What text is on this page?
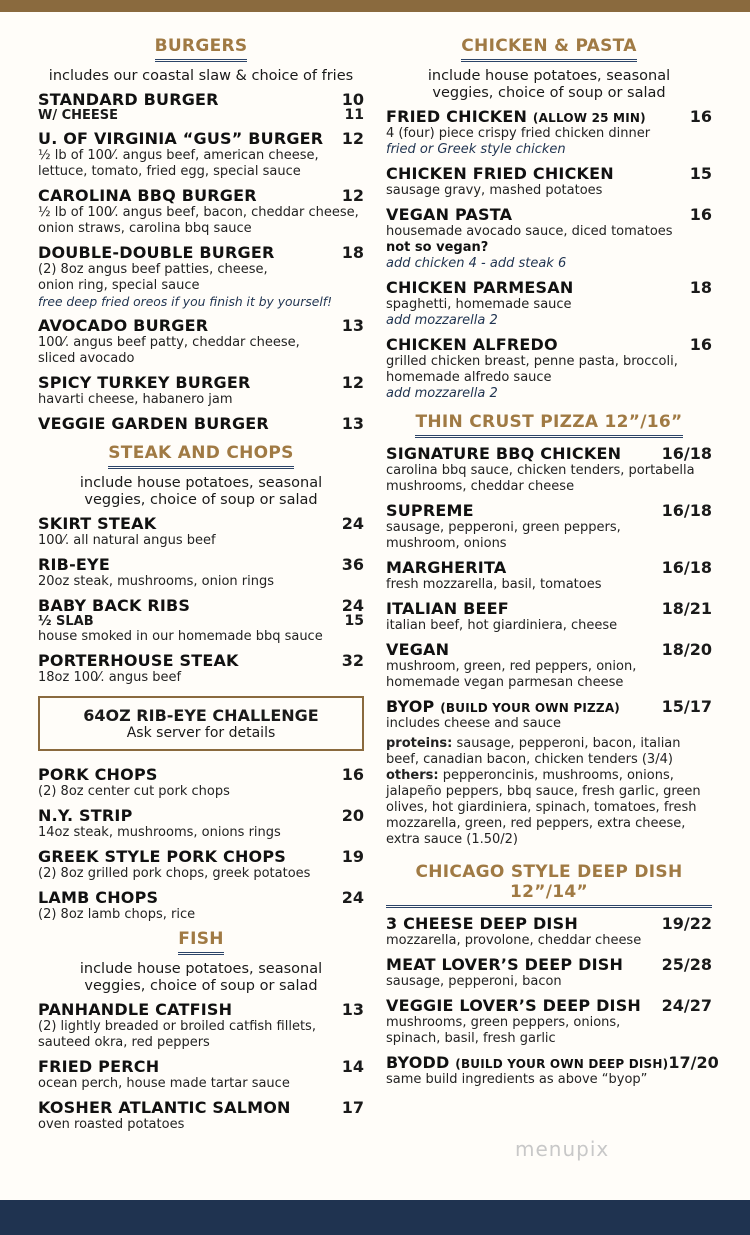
BURGERS
includes our coastal slaw & choice of fries
STANDARD BURGER	10
W/ CHEESE	11
U. OF VIRGINIA “GUS” BURGER 12
½ lb of 100⁄. angus beef, american cheese, lettuce, tomato, fried egg, special sauce
CAROLINA BBQ BURGER	12
½ lb of 100⁄. angus beef, bacon, cheddar cheese, onion straws, carolina bbq sauce
DOUBLE-DOUBLE BURGER	18
(2) 8oz angus beef patties, cheese, onion ring, special sauce
free deep fried oreos if you finish it by yourself!
AVOCADO BURGER	13
100⁄. angus beef patty, cheddar cheese, sliced avocado
SPICY TURKEY BURGER	12
havarti cheese, habanero jam
VEGGIE GARDEN BURGER	13
STEAK AND CHOPS
include house potatoes, seasonal veggies, choice of soup or salad
SKIRT STEAK	24
100⁄. all natural angus beef
RIB-EYE	36
20oz steak, mushrooms, onion rings
BABY BACK RIBS	24
½ SLAB	15
house smoked in our homemade bbq sauce
PORTERHOUSE STEAK	32
18oz 100⁄. angus beef
64OZ RIB-EYE CHALLENGE
Ask server for details
PORK CHOPS	16
(2) 8oz center cut pork chops
N.Y. STRIP	20
14oz steak, mushrooms, onions rings
GREEK STYLE PORK CHOPS	19
(2) 8oz grilled pork chops, greek potatoes
LAMB CHOPS	24
(2) 8oz lamb chops, rice
FISH
include house potatoes, seasonal veggies, choice of soup or salad
PANHANDLE CATFISH	13
(2) lightly breaded or broiled catfish fillets, sauteed okra, red peppers
FRIED PERCH	14
ocean perch, house made tartar sauce
KOSHER ATLANTIC SALMON	17
oven roasted potatoes
CHICKEN & PASTA
include house potatoes, seasonal veggies, choice of soup or salad
FRIED CHICKEN (ALLOW 25 MIN)	16
4 (four) piece crispy fried chicken dinner
fried or Greek style chicken
CHICKEN FRIED CHICKEN	15
sausage gravy, mashed potatoes
VEGAN PASTA	16
housemade avocado sauce, diced tomatoes
not so vegan?
add chicken 4 - add steak 6
CHICKEN PARMESAN	18
spaghetti, homemade sauce
add mozzarella 2
CHICKEN ALFREDO	16
grilled chicken breast, penne pasta, broccoli, homemade alfredo sauce
add mozzarella 2
THIN CRUST PIZZA 12”/16”
SIGNATURE BBQ CHICKEN	16/18
carolina bbq sauce, chicken tenders, portabella mushrooms, cheddar cheese
SUPREME	16/18
sausage, pepperoni, green peppers, mushroom, onions
MARGHERITA	16/18
fresh mozzarella, basil, tomatoes
ITALIAN BEEF	18/21
italian beef, hot giardiniera, cheese
VEGAN	18/20
mushroom, green, red peppers, onion, homemade vegan parmesan cheese
BYOP (BUILD YOUR OWN PIZZA)	15/17
includes cheese and sauce
proteins: sausage, pepperoni, bacon, italian beef, canadian bacon, chicken tenders (3/4)
others: pepperoncinis, mushrooms, onions, jalapeño peppers, bbq sauce, fresh garlic, green olives, hot giardiniera, spinach, tomatoes, fresh mozzarella, green, red peppers, extra cheese, extra sauce (1.50/2)
CHICAGO STYLE DEEP DISH 12”/14”
3 CHEESE DEEP DISH	19/22
mozzarella, provolone, cheddar cheese
MEAT LOVER’S DEEP DISH 25/28
sausage, pepperoni, bacon
VEGGIE LOVER’S DEEP DISH 24/27
mushrooms, green peppers, onions, spinach, basil, fresh garlic
BYODD (BUILD YOUR OWN DEEP DISH) 17/20
same build ingredients as above “byop”
menupix
